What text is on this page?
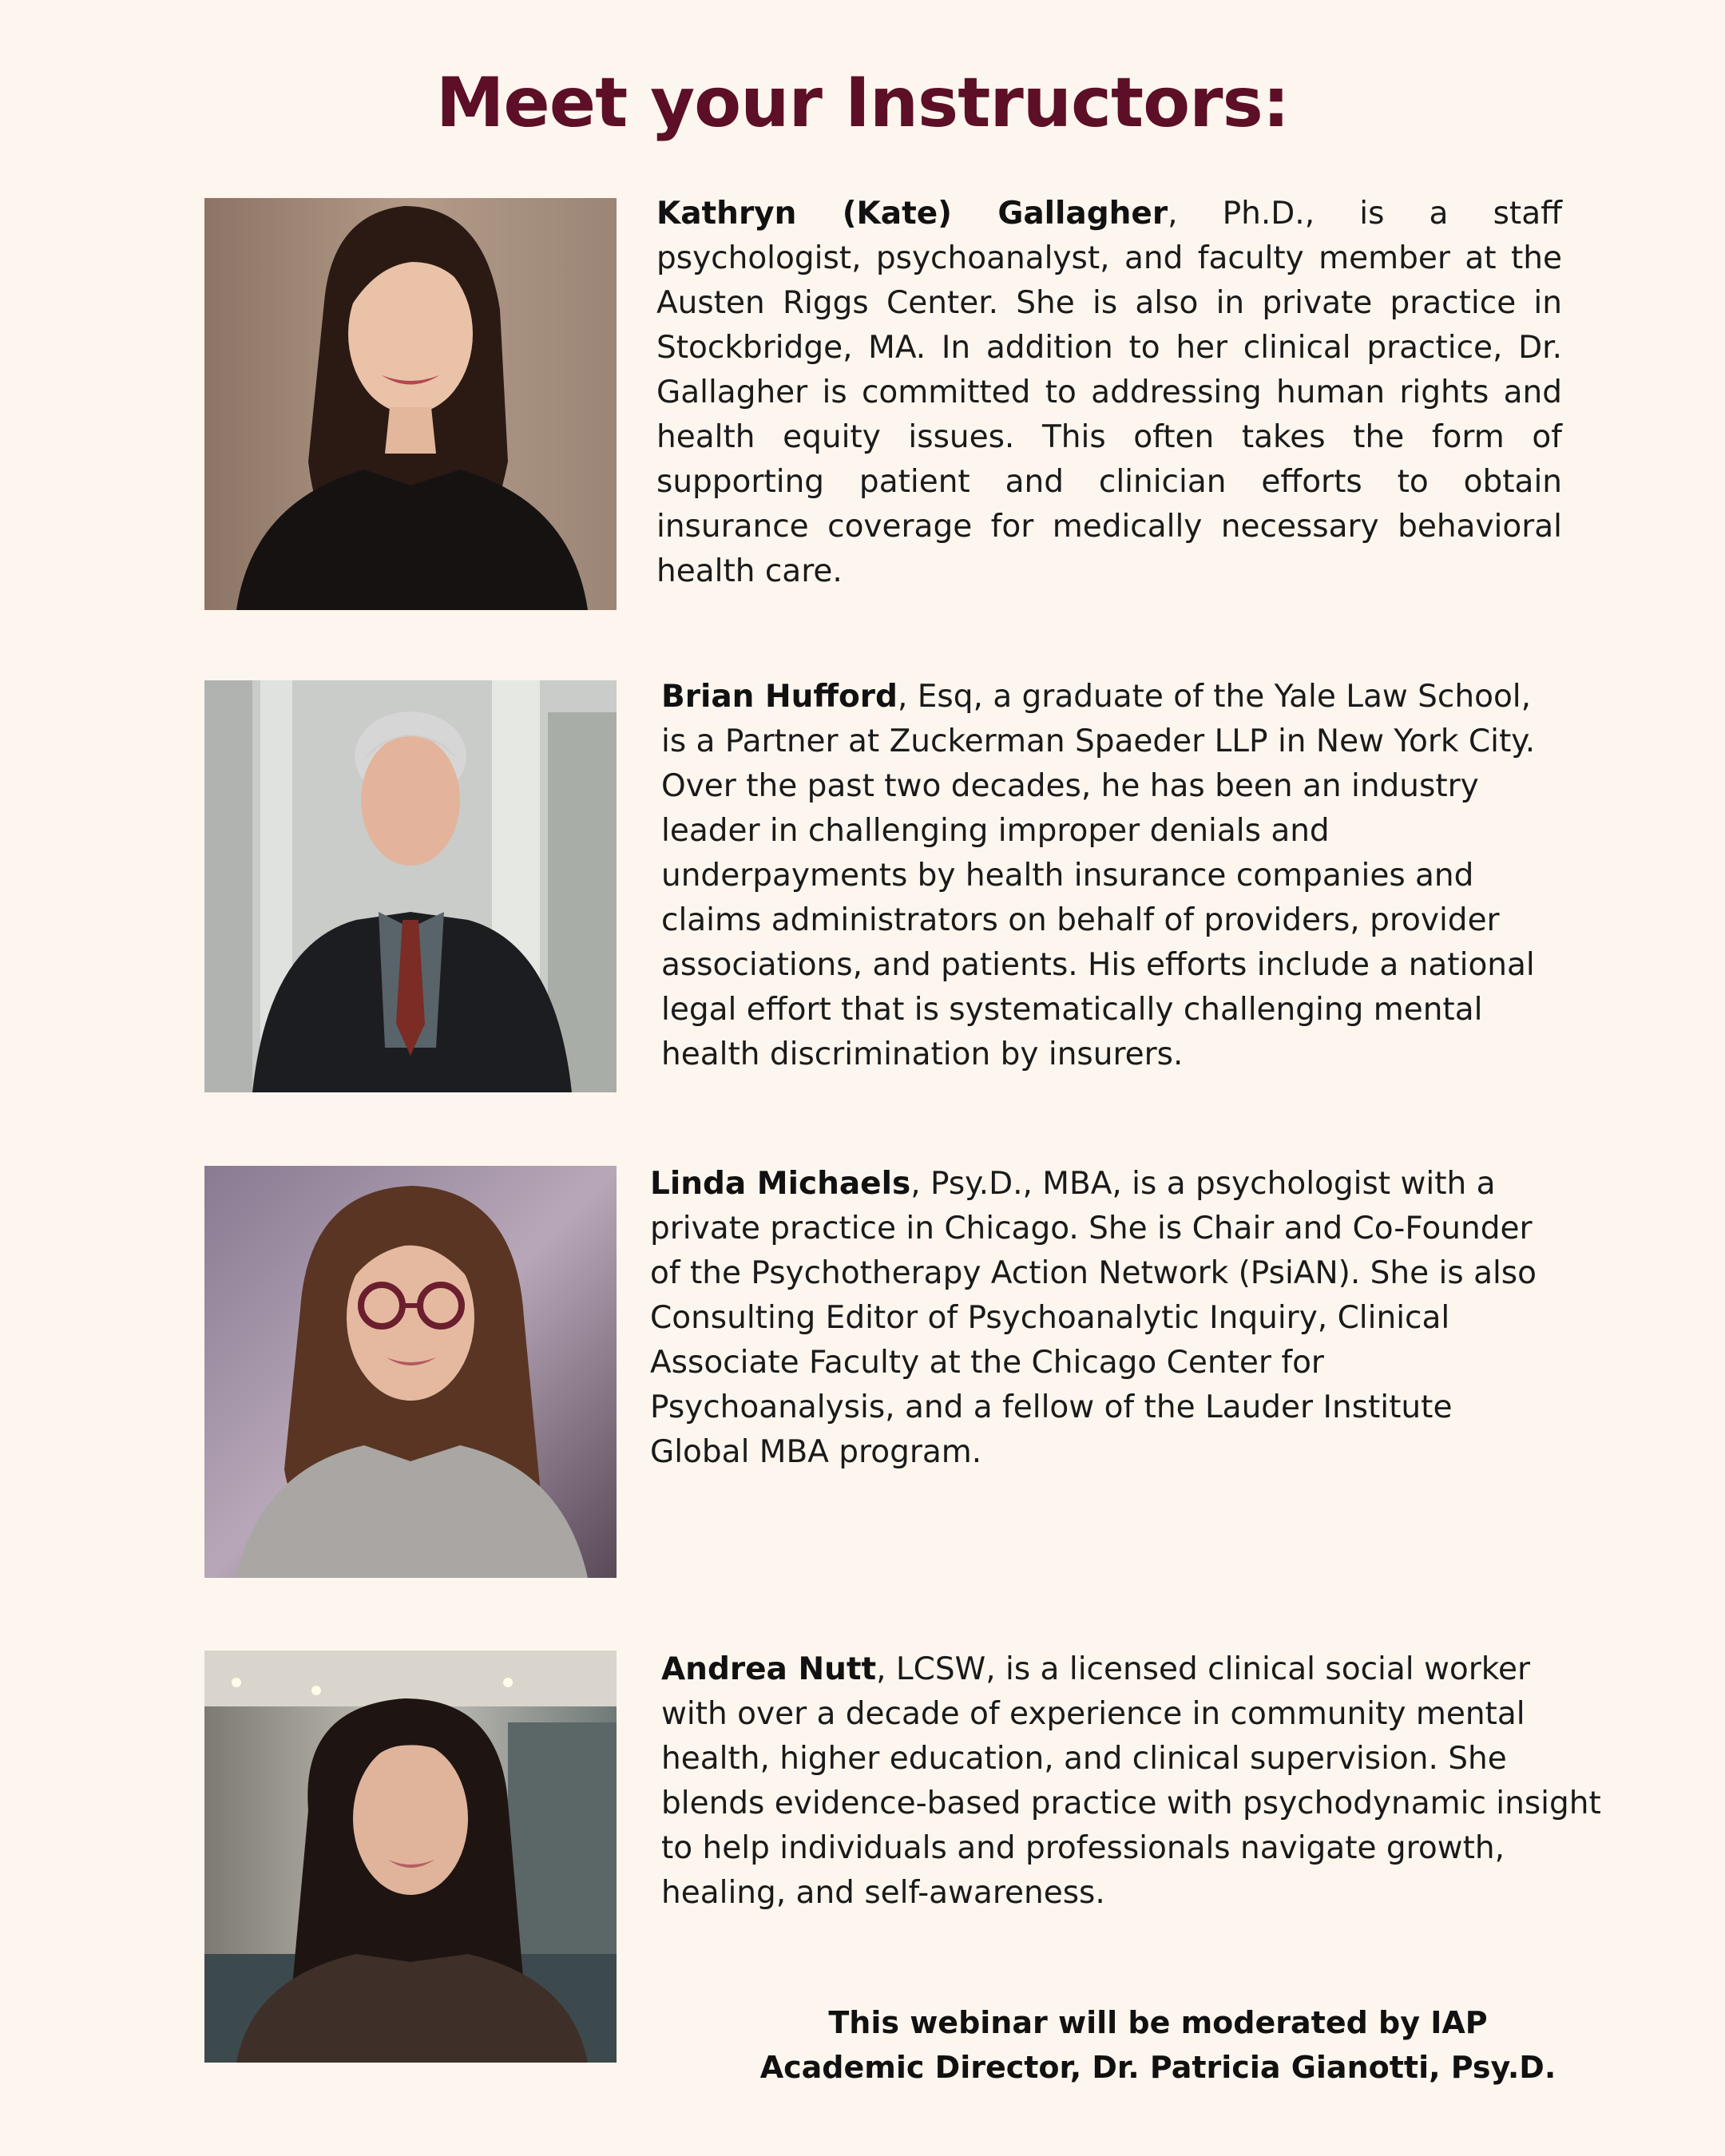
Meet your Instructors:

Kathryn (Kate) Gallagher, Ph.D., is a staff psychologist, psychoanalyst, and faculty member at the Austen Riggs Center. She is also in private practice in Stockbridge, MA. In addition to her clinical practice, Dr. Gallagher is committed to addressing human rights and health equity issues. This often takes the form of supporting patient and clinician efforts to obtain insurance coverage for medically necessary behavioral health care.

Brian Hufford, Esq, a graduate of the Yale Law School, is a Partner at Zuckerman Spaeder LLP in New York City. Over the past two decades, he has been an industry leader in challenging improper denials and underpayments by health insurance companies and claims administrators on behalf of providers, provider associations, and patients. His efforts include a national legal effort that is systematically challenging mental health discrimination by insurers.

Linda Michaels, Psy.D., MBA, is a psychologist with a private practice in Chicago. She is Chair and Co-Founder of the Psychotherapy Action Network (PsiAN). She is also Consulting Editor of Psychoanalytic Inquiry, Clinical Associate Faculty at the Chicago Center for Psychoanalysis, and a fellow of the Lauder Institute Global MBA program.

Andrea Nutt, LCSW, is a licensed clinical social worker with over a decade of experience in community mental health, higher education, and clinical supervision. She blends evidence-based practice with psychodynamic insight to help individuals and professionals navigate growth, healing, and self-awareness.

This webinar will be moderated by IAP
Academic Director, Dr. Patricia Gianotti, Psy.D.
